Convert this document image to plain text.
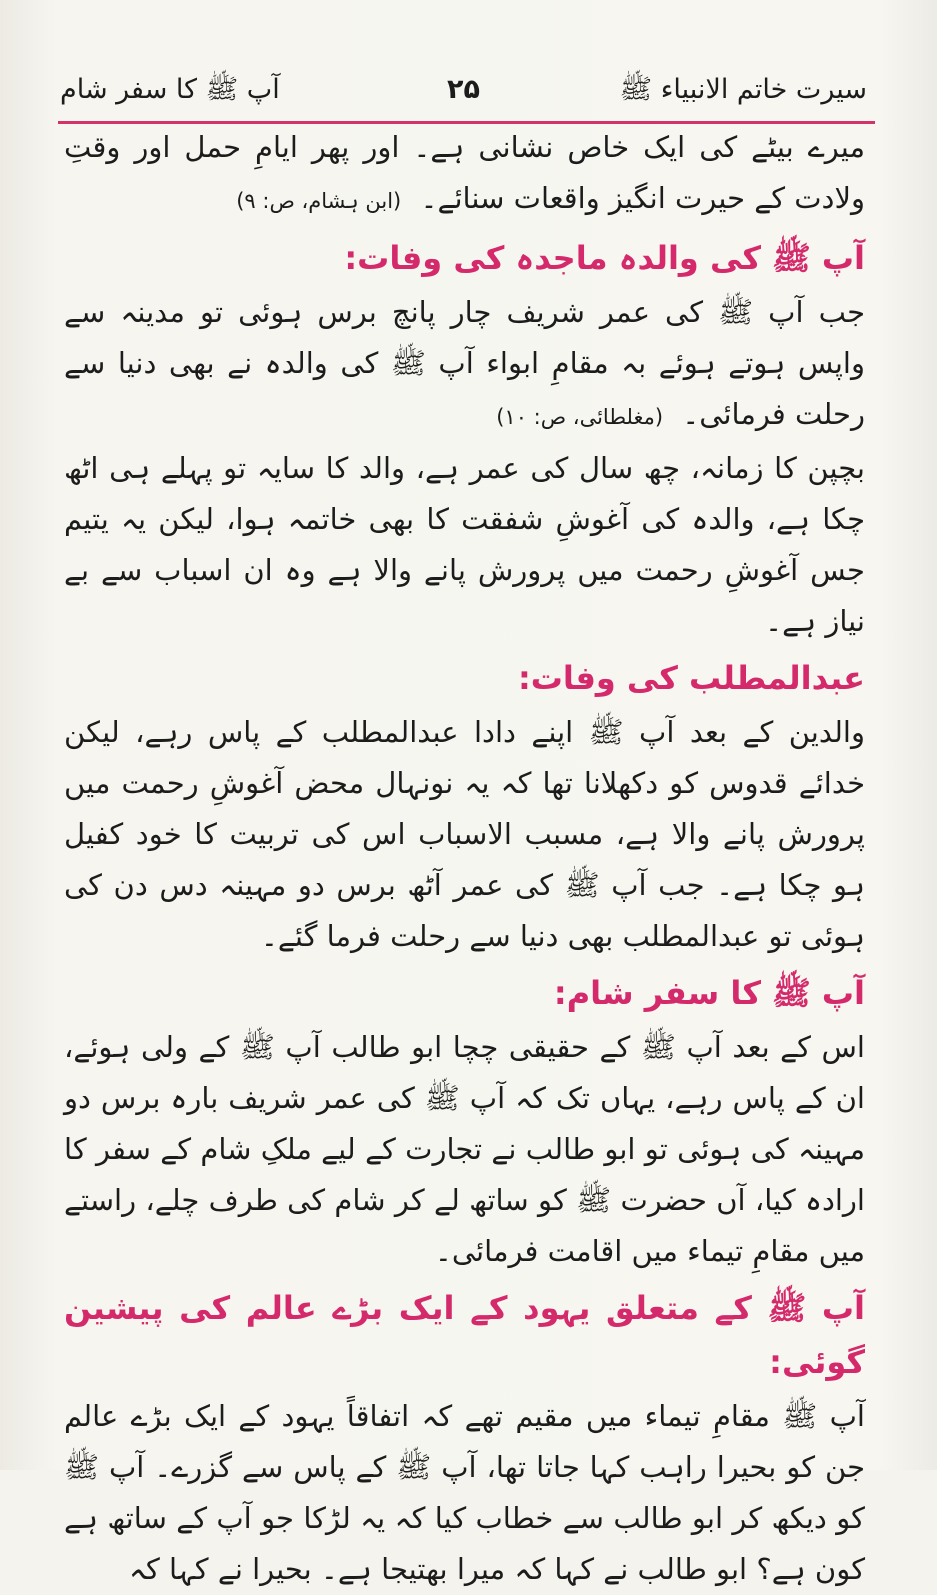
سیرت خاتم الانبیاء ﷺ
۲۵
آپ ﷺ کا سفر شام

میرے بیٹے کی ایک خاص نشانی ہے۔ اور پھر ایامِ حمل اور وقتِ ولادت کے حیرت انگیز واقعات سنائے۔ (ابن ہشام، ص: ۹)

آپ ﷺ کی والدہ ماجدہ کی وفات:

جب آپ ﷺ کی عمر شریف چار پانچ برس ہوئی تو مدینہ سے واپس ہوتے ہوئے بہ مقامِ ابواء آپ ﷺ کی والدہ نے بھی دنیا سے رحلت فرمائی۔ (مغلطائی، ص: ۱۰)

بچپن کا زمانہ، چھ سال کی عمر ہے، والد کا سایہ تو پہلے ہی اٹھ چکا ہے، والدہ کی آغوشِ شفقت کا بھی خاتمہ ہوا، لیکن یہ یتیم جس آغوشِ رحمت میں پرورش پانے والا ہے وہ ان اسباب سے بے نیاز ہے۔

عبدالمطلب کی وفات:

والدین کے بعد آپ ﷺ اپنے دادا عبدالمطلب کے پاس رہے، لیکن خدائے قدوس کو دکھلانا تھا کہ یہ نونہال محض آغوشِ رحمت میں پرورش پانے والا ہے، مسبب الاسباب اس کی تربیت کا خود کفیل ہو چکا ہے۔ جب آپ ﷺ کی عمر آٹھ برس دو مہینہ دس دن کی ہوئی تو عبدالمطلب بھی دنیا سے رحلت فرما گئے۔

آپ ﷺ کا سفر شام:

اس کے بعد آپ ﷺ کے حقیقی چچا ابو طالب آپ ﷺ کے ولی ہوئے، ان کے پاس رہے، یہاں تک کہ آپ ﷺ کی عمر شریف بارہ برس دو مہینہ کی ہوئی تو ابو طالب نے تجارت کے لیے ملکِ شام کے سفر کا ارادہ کیا، آں حضرت ﷺ کو ساتھ لے کر شام کی طرف چلے، راستے میں مقامِ تیماء میں اقامت فرمائی۔

آپ ﷺ کے متعلق یہود کے ایک بڑے عالم کی پیشین گوئی:

آپ ﷺ مقامِ تیماء میں مقیم تھے کہ اتفاقاً یہود کے ایک بڑے عالم جن کو بحیرا راہب کہا جاتا تھا، آپ ﷺ کے پاس سے گزرے۔ آپ ﷺ کو دیکھ کر ابو طالب سے خطاب کیا کہ یہ لڑکا جو آپ کے ساتھ ہے کون ہے؟ ابو طالب نے کہا کہ میرا بھتیجا ہے۔ بحیرا نے کہا کہ
